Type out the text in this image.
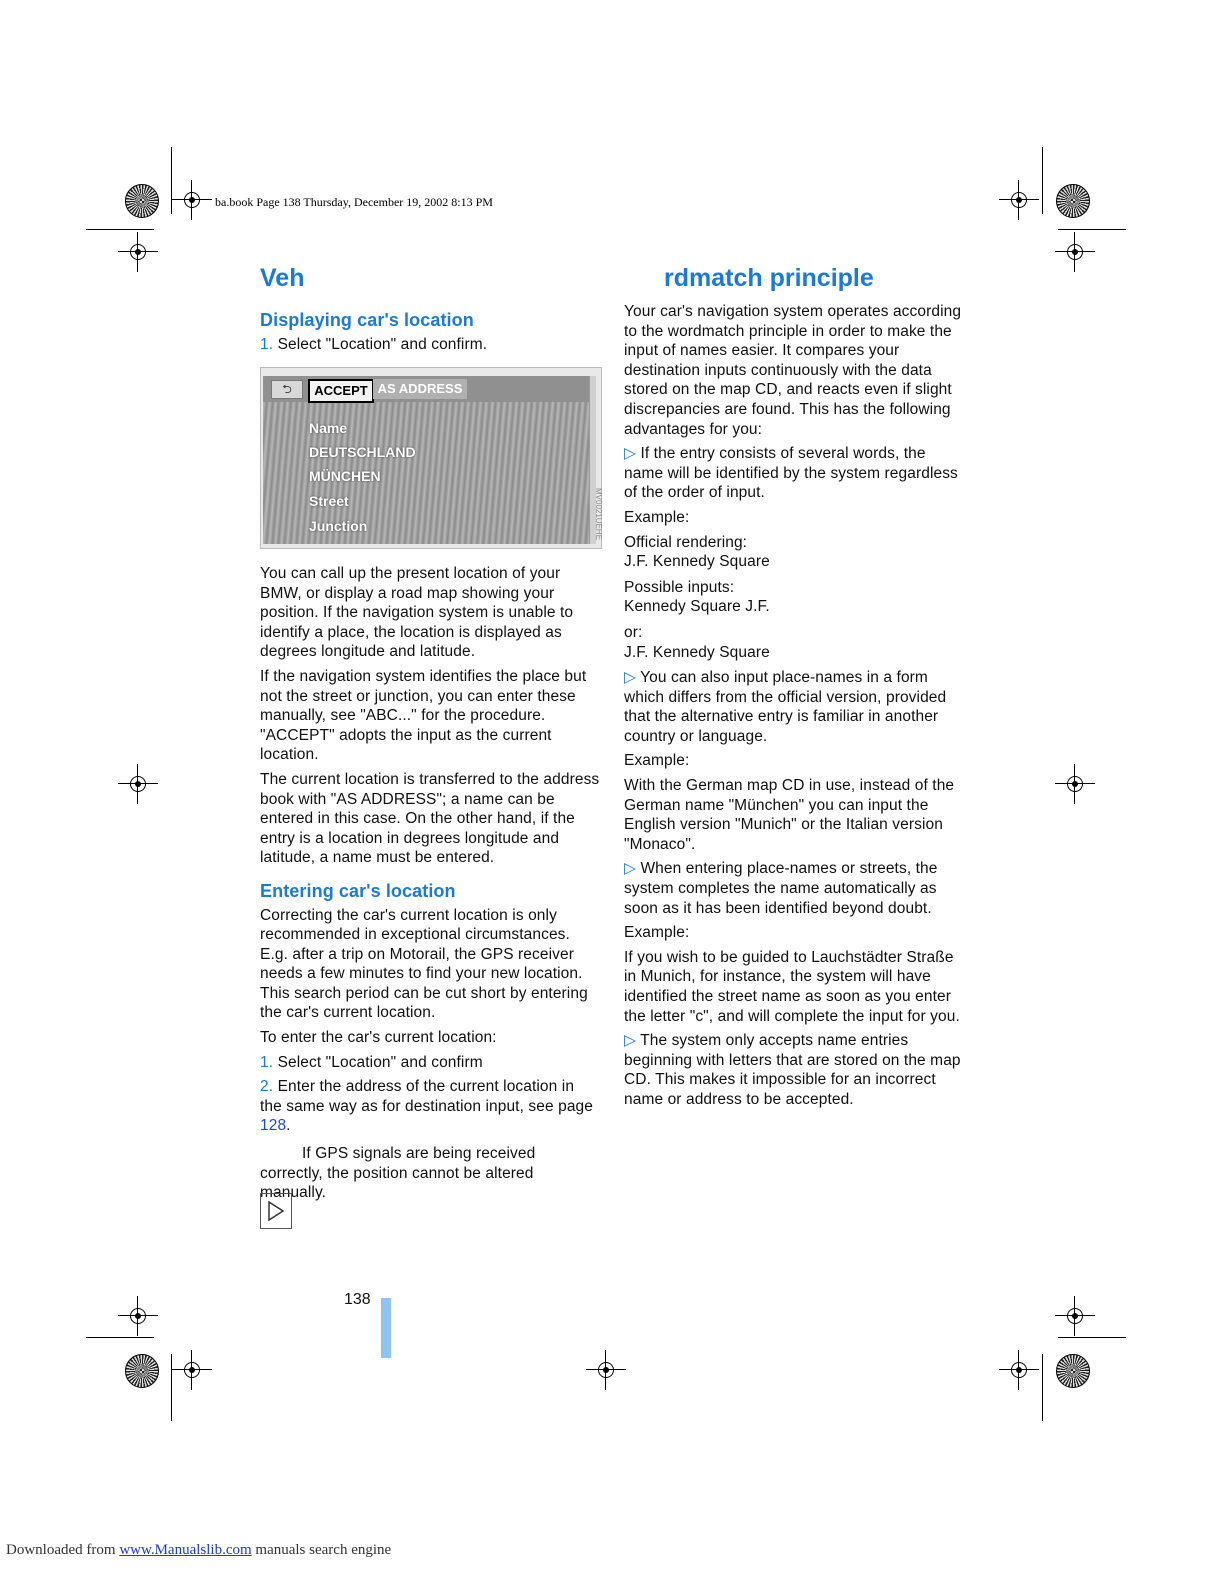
ba.book Page 138 Thursday, December 19, 2002 8:13 PM
Veh	rdmatch principle
Displaying car's location

1. Select "Location" and confirm.

⮌	ACCEPT AS ADDRESS
Name
DEUTSCHLAND
MÜNCHEN
Street
Junction	MV0021UEHE

You can call up the present location of your BMW, or display a road map showing your position. If the navigation system is unable to identify a place, the location is displayed as degrees longitude and latitude.

If the navigation system identifies the place but not the street or junction, you can enter these manually, see "ABC..." for the procedure. "ACCEPT" adopts the input as the current location.

The current location is transferred to the address book with "AS ADDRESS"; a name can be entered in this case. On the other hand, if the entry is a location in degrees longitude and latitude, a name must be entered.

Entering car's location

Correcting the car's current location is only recommended in exceptional circumstances. E.g. after a trip on Motorail, the GPS receiver needs a few minutes to find your new location. This search period can be cut short by entering the car's current location.

To enter the car's current location:

1. Select "Location" and confirm

2. Enter the address of the current location in the same way as for destination input, see page 128.

If GPS signals are being received correctly, the position cannot be altered manually.

Your car's navigation system operates according to the wordmatch principle in order to make the input of names easier. It compares your destination inputs continuously with the data stored on the map CD, and reacts even if slight discrepancies are found. This has the following advantages for you:

▷ If the entry consists of several words, the name will be identified by the system regardless of the order of input.

Example:

Official rendering:
J.F. Kennedy Square

Possible inputs:
Kennedy Square J.F.

or:
J.F. Kennedy Square

▷ You can also input place-names in a form which differs from the official version, provided that the alternative entry is familiar in another country or language.

Example:

With the German map CD in use, instead of the German name "München" you can input the English version "Munich" or the Italian version "Monaco".

▷ When entering place-names or streets, the system completes the name automatically as soon as it has been identified beyond doubt.

Example:

If you wish to be guided to Lauchstädter Straße in Munich, for instance, the system will have identified the street name as soon as you enter the letter "c", and will complete the input for you.

▷ The system only accepts name entries beginning with letters that are stored on the map CD. This makes it impossible for an incorrect name or address to be accepted.

138
Downloaded from www.Manualslib.com manuals search engine
